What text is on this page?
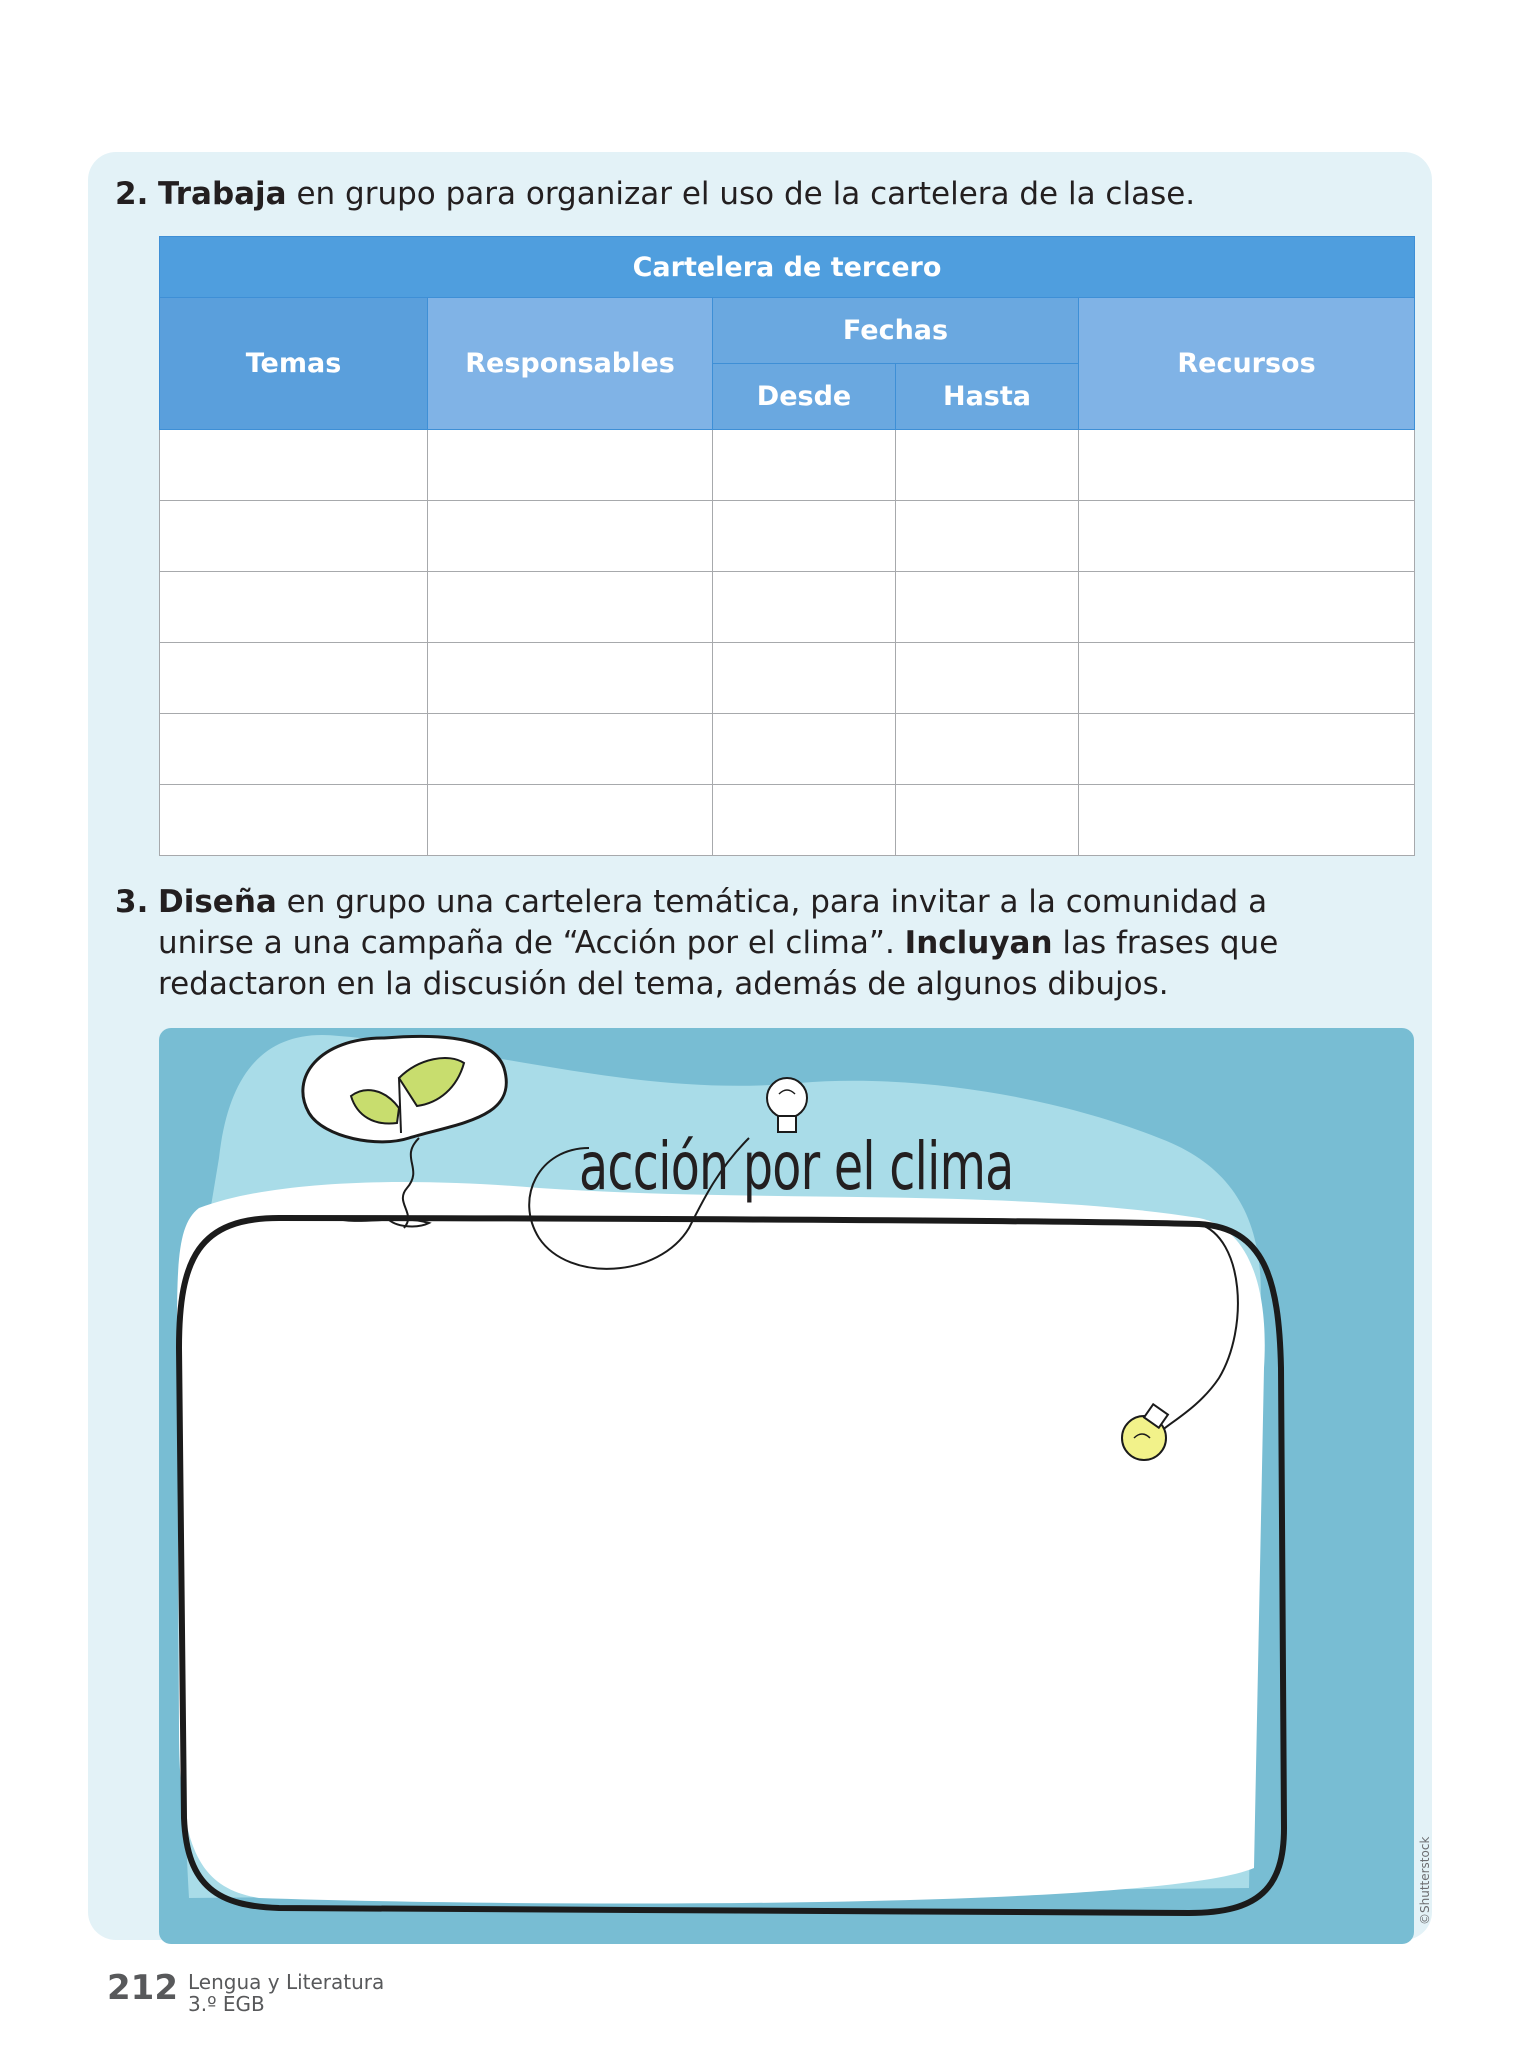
2. Trabaja en grupo para organizar el uso de la cartelera de la clase.
Cartelera de tercero				
Temas	Responsables	Fechas		Recursos
		Desde	Hasta	

3. Diseña en grupo una cartelera temática, para invitar a la comunidad a
unirse a una campaña de “Acción por el clima”. Incluyan las frases que
redactaron en la discusión del tema, además de algunos dibujos.
acción por el clima
©Shutterstock
212 Lengua y Literatura
3.º EGB
